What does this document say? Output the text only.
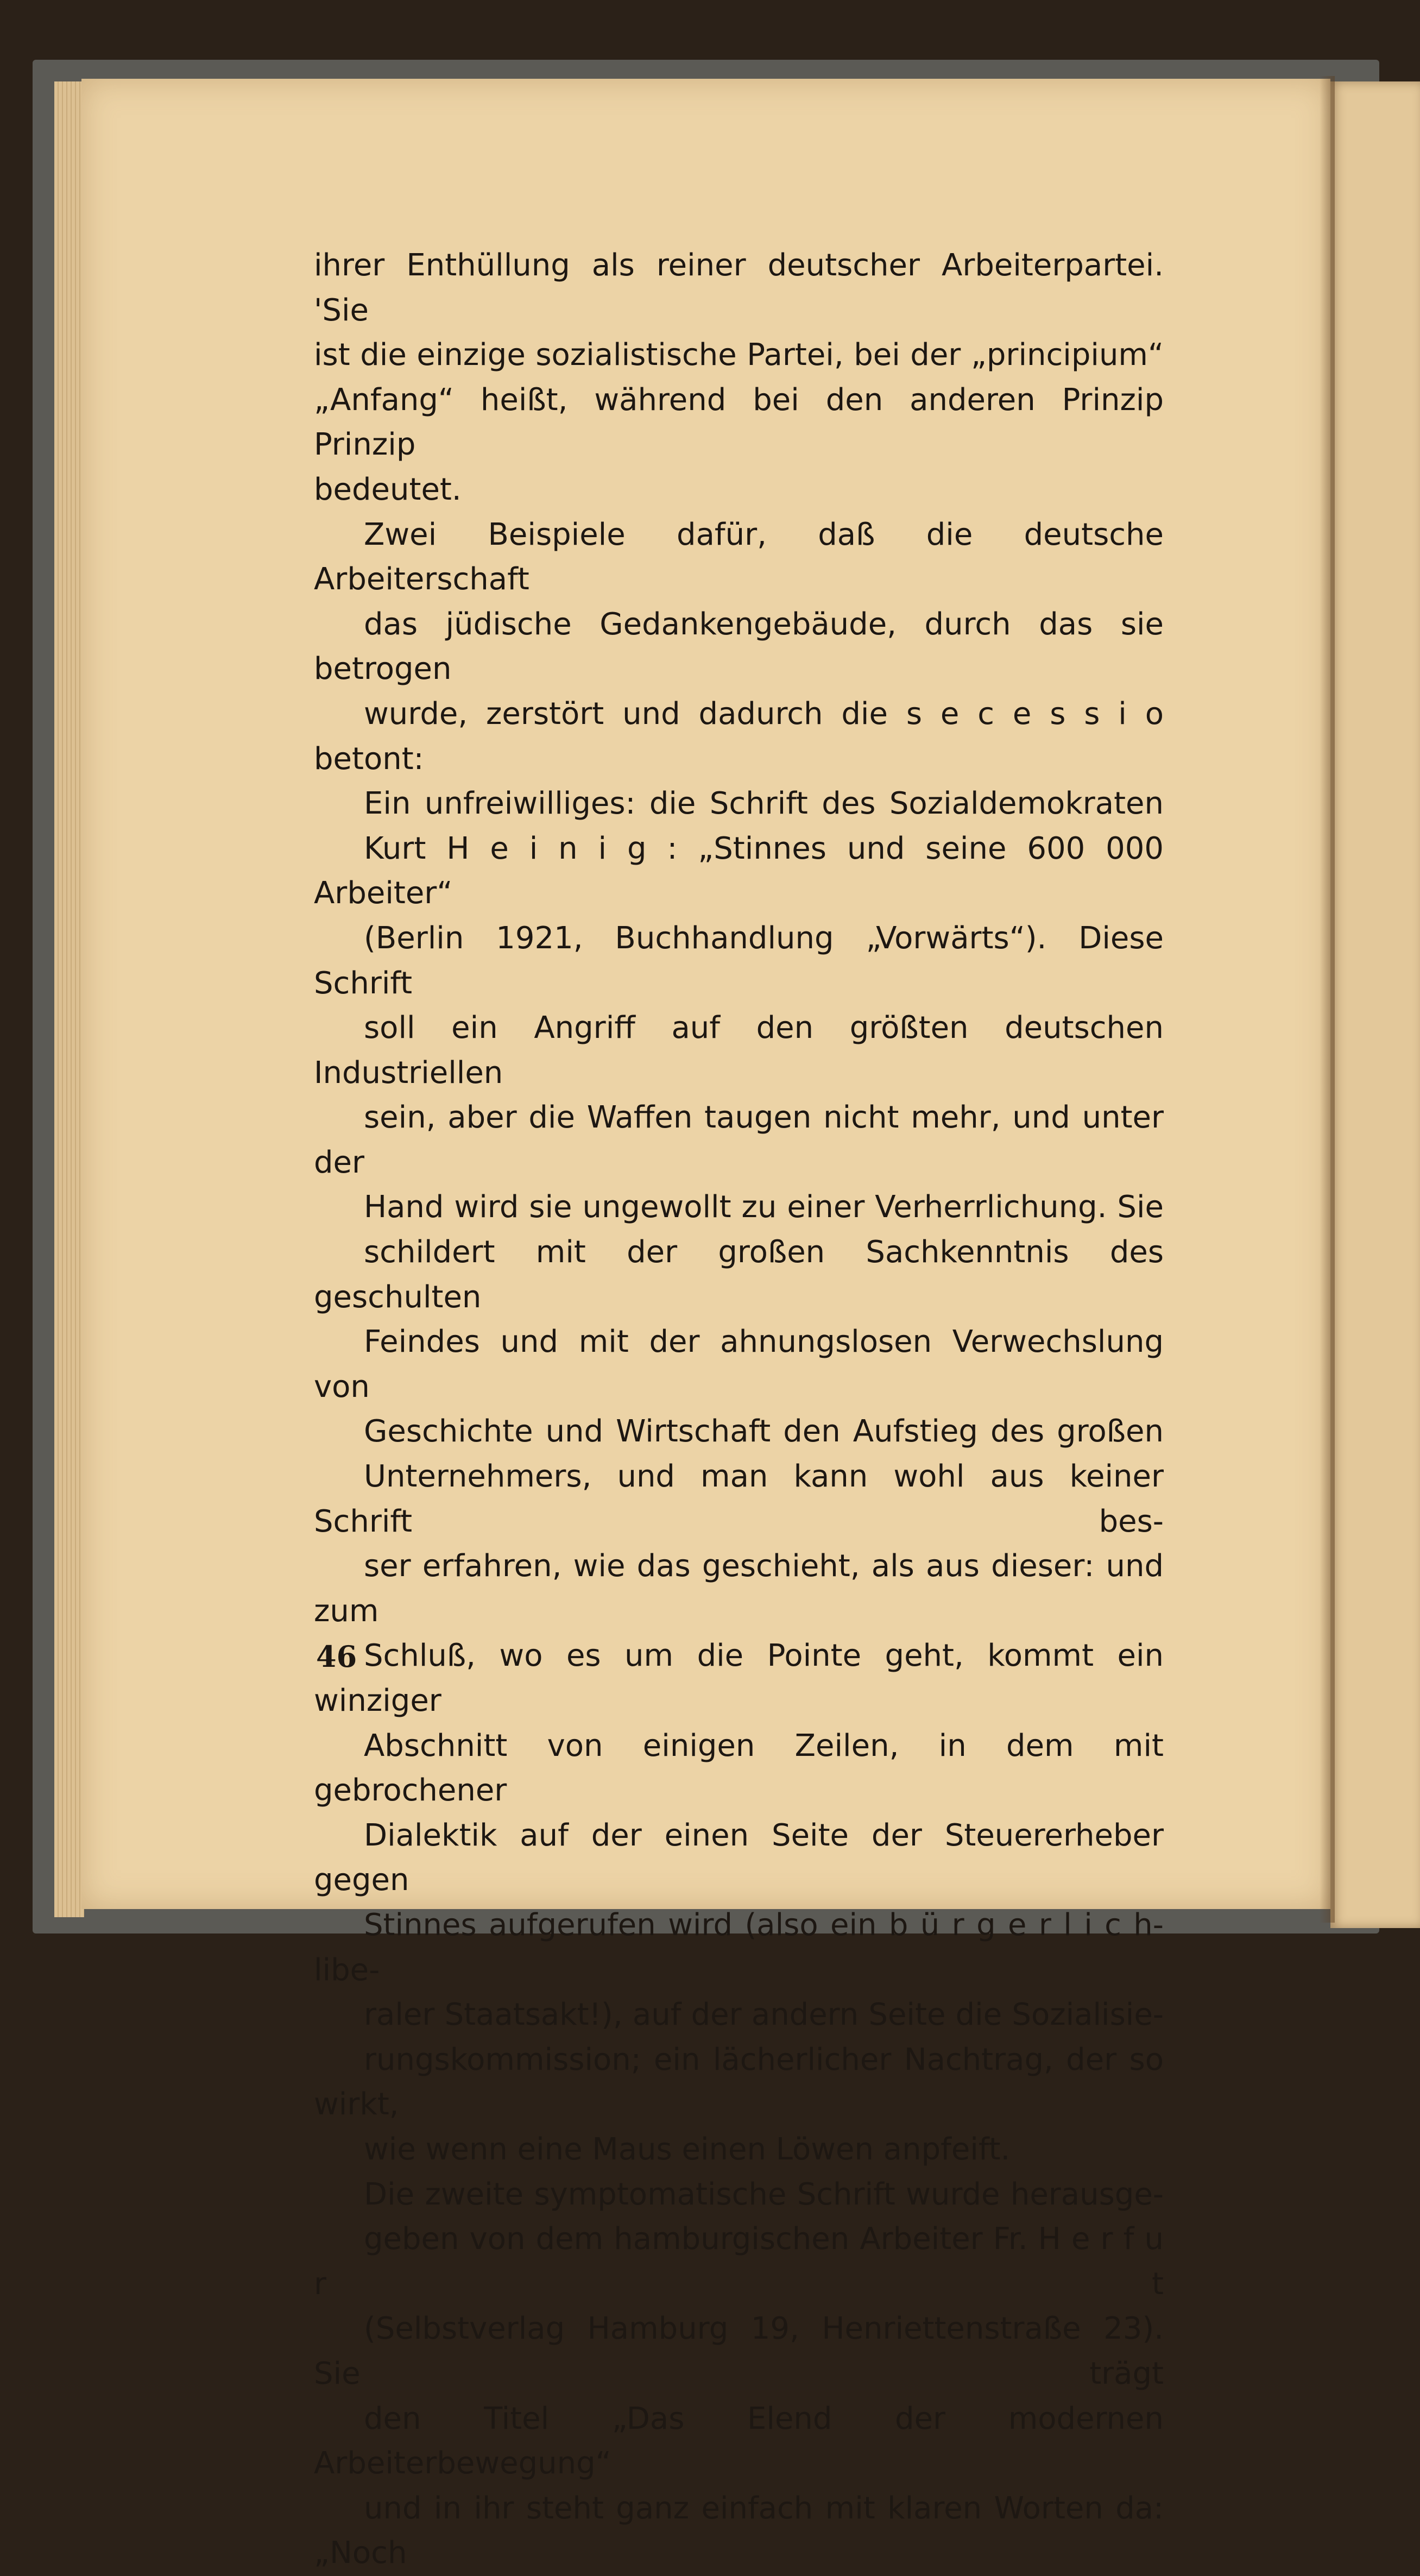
ihrer Enthüllung als reiner deutscher Arbeiterpartei. 'Sie
ist die einzige sozialistische Partei, bei der „principium“
„Anfang“ heißt, während bei den anderen Prinzip Prinzip
bedeutet.

Zwei Beispiele dafür, daß die deutsche Arbeiterschaft
das jüdische Gedankengebäude, durch das sie betrogen
wurde, zerstört und dadurch die s e c e s s i o betont:

Ein unfreiwilliges: die Schrift des Sozialdemokraten
Kurt H e i n i g : „Stinnes und seine 600 000 Arbeiter“
(Berlin 1921, Buchhandlung „Vorwärts“). Diese Schrift
soll ein Angriff auf den größten deutschen Industriellen
sein, aber die Waffen taugen nicht mehr, und unter der
Hand wird sie ungewollt zu einer Verherrlichung. Sie
schildert mit der großen Sachkenntnis des geschulten
Feindes und mit der ahnungslosen Verwechslung von
Geschichte und Wirtschaft den Aufstieg des großen
Unternehmers, und man kann wohl aus keiner Schrift bes-
ser erfahren, wie das geschieht, als aus dieser: und zum
Schluß, wo es um die Pointe geht, kommt ein winziger
Abschnitt von einigen Zeilen, in dem mit gebrochener
Dialektik auf der einen Seite der Steuererheber gegen
Stinnes aufgerufen wird (also ein b ü r g e r l i c h-libe-
raler Staatsakt!), auf der andern Seite die Sozialisie-
rungskommission; ein lächerlicher Nachtrag, der so wirkt,
wie wenn eine Maus einen Löwen anpfeift.

Die zweite symptomatische Schrift wurde herausge-
geben von dem hamburgischen Arbeiter Fr. H e r f u r t
(Selbstverlag Hamburg 19, Henriettenstraße 23). Sie trägt
den Titel „Das Elend der modernen Arbeiterbewegung“
und in ihr steht ganz einfach mit klaren Worten da: „Noch

46
